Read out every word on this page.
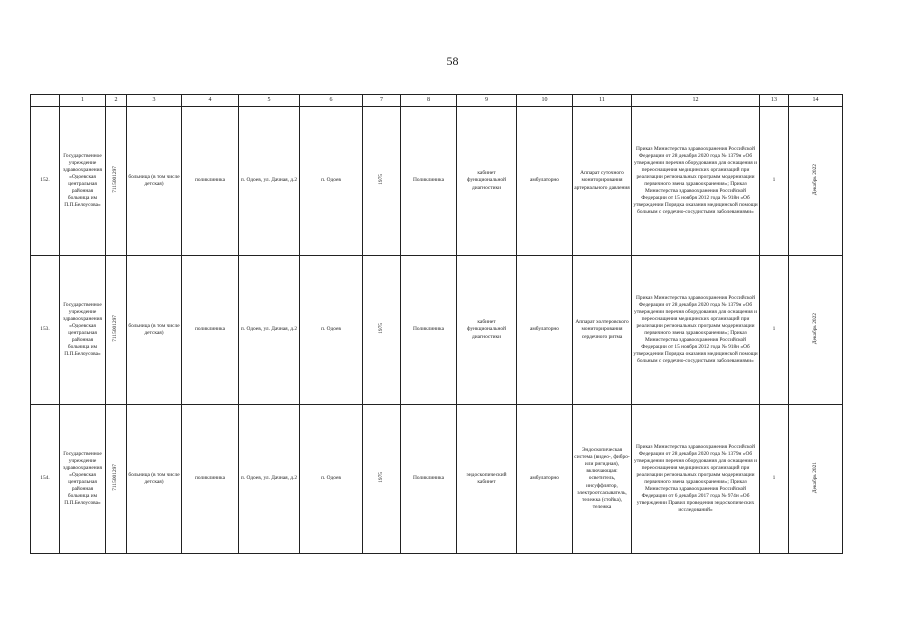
58
	1	2	3	4	5	6	7	8	9	10	11	12	13	14
152.	Государственное учреждение здравоохранения «Одоевская центральная районная больница им П.П.Белоусова»	7115001297	больница (в том числе детская)	поликлиника	п. Одоев, ул. Дачная, д.2	п. Одоев	1975	Поликлиника	кабинет функциональной диагностики	амбулаторно	Аппарат суточного мониторирования артериального давления	Приказ Министерства здравоохранения Российской Федерации от 28 декабря 2020 года № 1379н «Об утверждении перечня оборудования для оснащения и переоснащения медицинских организаций при реализации региональных программ модернизации первичного звена здравоохранения»; Приказ Министерства здравоохранения Российской Федерации от 15 ноября 2012 года № 918н «Об утверждении Порядка оказания медицинской помощи больным с сердечно-сосудистыми заболеваниями»	1	Декабрь 2022
153.	Государственное учреждение здравоохранения «Одоевская центральная районная больница им П.П.Белоусова»	7115001297	больница (в том числе детская)	поликлиника	п. Одоев, ул. Дачная, д.2	п. Одоев	1975	Поликлиника	кабинет функциональной диагностики	амбулаторно	Аппарат холтеровского мониторирования сердечного ритма	Приказ Министерства здравоохранения Российской Федерации от 28 декабря 2020 года № 1379н «Об утверждении перечня оборудования для оснащения и переоснащения медицинских организаций при реализации региональных программ модернизации первичного звена здравоохранения»; Приказ Министерства здравоохранения Российской Федерации от 15 ноября 2012 года № 918н «Об утверждении Порядка оказания медицинской помощи больным с сердечно-сосудистыми заболеваниями»	1	Декабрь 2022
154.	Государственное учреждение здравоохранения «Одоевская центральная районная больница им П.П.Белоусова»	7115001297	больница (в том числе детская)	поликлиника	п. Одоев, ул. Дачная, д.2	п. Одоев	1975	Поликлиника	эндоскопический кабинет	амбулаторно	Эндоскопическая система (видео-, фибро- или ригидная), включающая: осветитель, инсуффлятор, электроотсасыватель, тележка (стойка), тележка	Приказ Министерства здравоохранения Российской Федерации от 28 декабря 2020 года № 1379н «Об утверждении перечня оборудования для оснащения и переоснащения медицинских организаций при реализации региональных программ модернизации первичного звена здравоохранения»; Приказ Министерства здравоохранения Российской Федерации от 6 декабря 2017 года № 974н «Об утверждении Правил проведения эндоскопических исследований»	1	Декабрь 2021
